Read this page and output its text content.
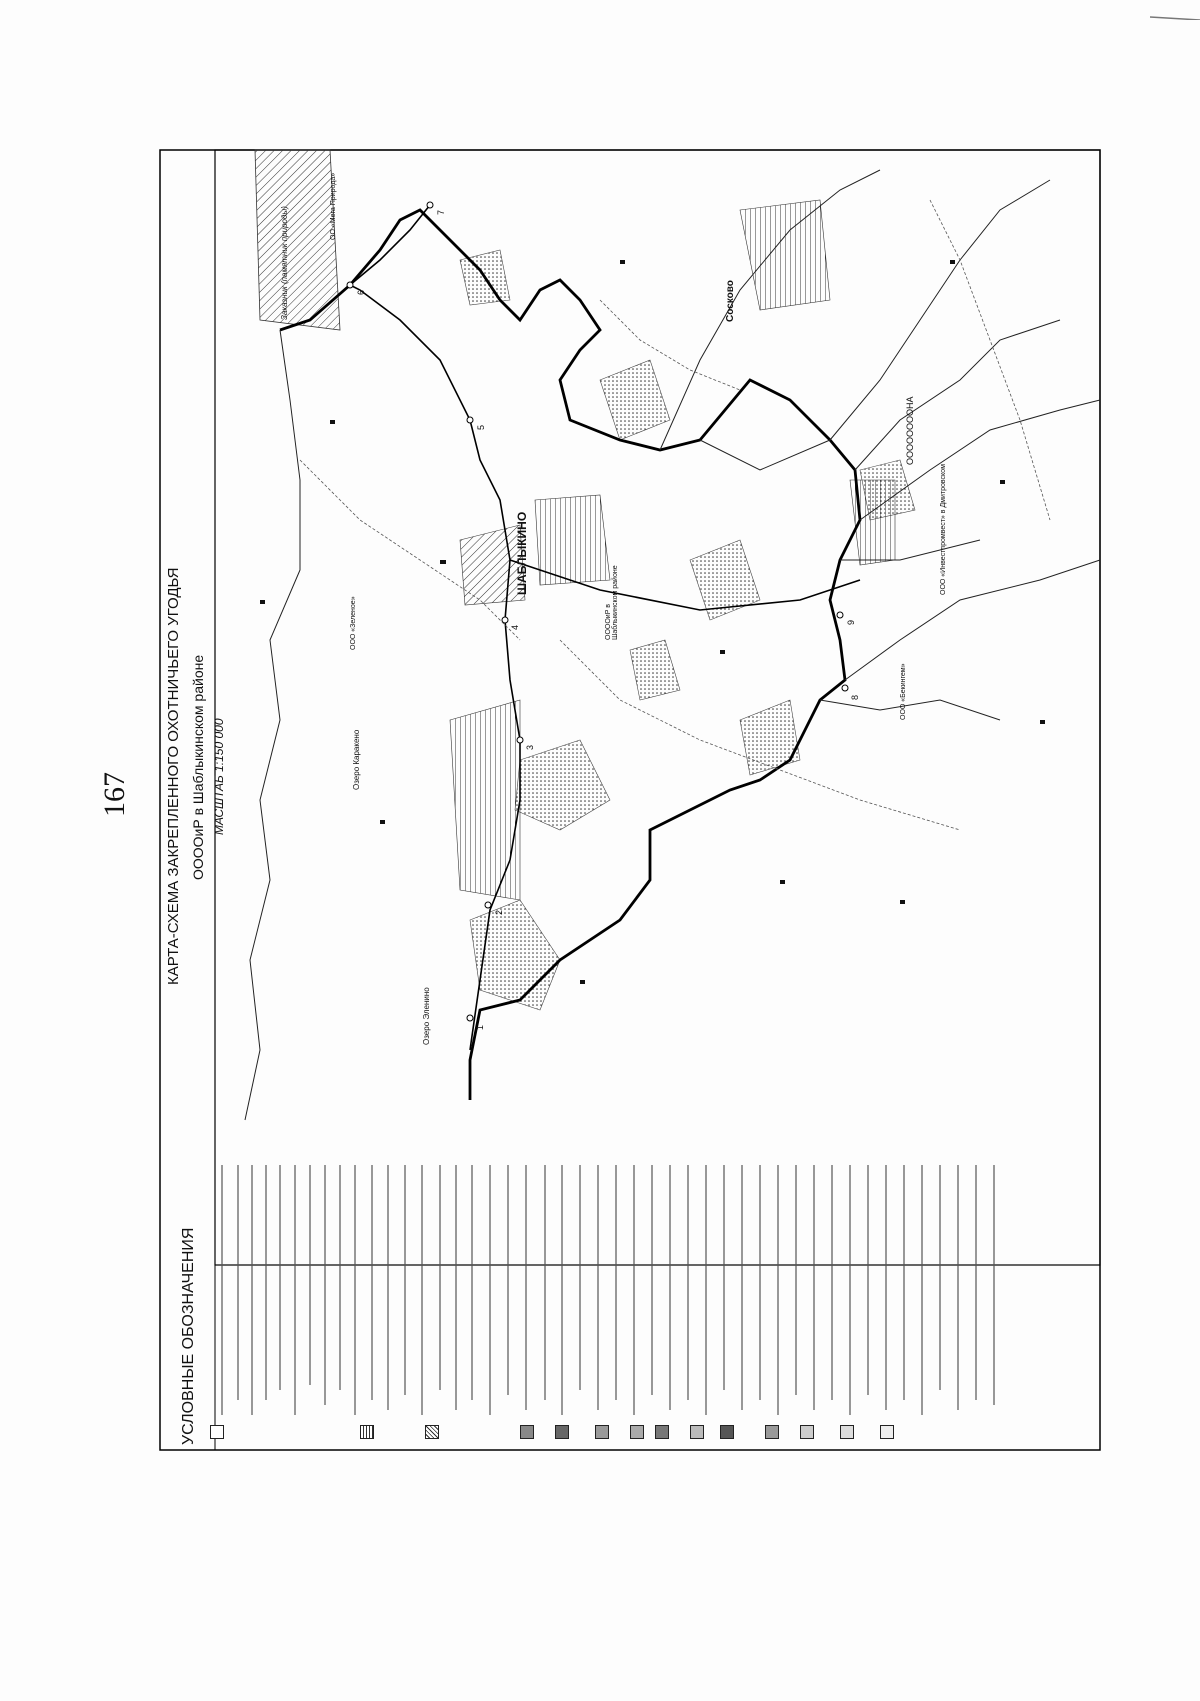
167
ШАБЛЫКИНО
Сосково
ООООООООНА
ООООиР в Шаблыкинском районе
ООО «Зеленое»
Заказник (памятник природы)
Озеро Каракено
Озеро Эленино
ООО «Бекингем»
ООО «Инвестпромвест» в Дмитровском
ОО «Мега Природа»
КАРТА-СХЕМА ЗАКРЕПЛЕННОГО ОХОТНИЧЬЕГО УГОДЬЯ ООООиР в Шаблыкинском районе МАСШТАБ 1:150 000
УСЛОВНЫЕ ОБОЗНАЧЕНИЯ
1
2
3
4
5
6
7
8
9
